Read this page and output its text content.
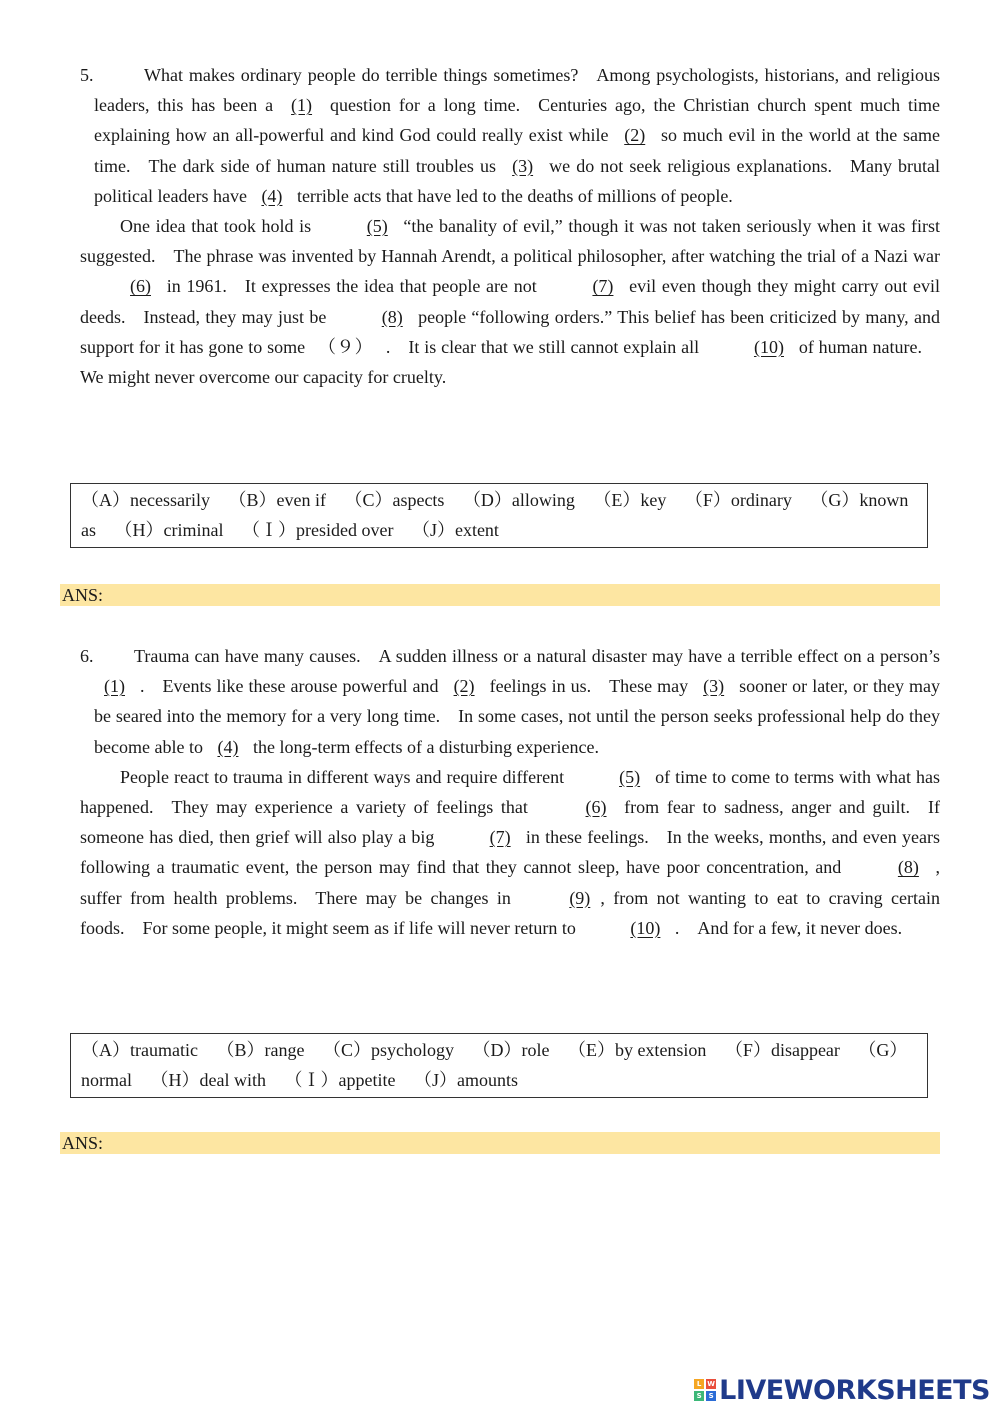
5.	What makes ordinary people do terrible things sometimes? Among psychologists, historians, and religious leaders, this has been a (1) question for a long time. Centuries ago, the Christian church spent much time explaining how an all-powerful and kind God could really exist while (2) so much evil in the world at the same time. The dark side of human nature still troubles us (3) we do not seek religious explanations. Many brutal political leaders have (4) terrible acts that have led to the deaths of millions of people.

One idea that took hold is	(5) “the banality of evil,” though it was not taken seriously when it was first suggested. The phrase was invented by Hannah Arendt, a political philosopher, after watching the trial of a Nazi war (6) in 1961. It expresses the idea that people are not	(7) evil even though they might carry out evil deeds. Instead, they may just be	(8) people “following orders.” This belief has been criticized by many, and support for it has gone to some （９） . It is clear that we still cannot explain all	(10) of human nature. We might never overcome our capacity for cruelty.

（A）necessarily （B）even if （C）aspects （D）allowing （E）key （F）ordinary （G）known as （H）criminal （Ｉ）presided over （J）extent
ANS:

6. Trauma can have many causes. A sudden illness or a natural disaster may have a terrible effect on a person’s (1) . Events like these arouse powerful and (2) feelings in us. These may (3) sooner or later, or they may be seared into the memory for a very long time. In some cases, not until the person seeks professional help do they become able to (4) the long-term effects of a disturbing experience.

People react to trauma in different ways and require different	(5) of time to come to terms with what has happened. They may experience a variety of feelings that	(6) from fear to sadness, anger and guilt. If someone has died, then grief will also play a big	(7) in these feelings. In the weeks, months, and even years following a traumatic event, the person may find that they cannot sleep, have poor concentration, and	(8) , suffer from health problems. There may be changes in	(9) , from not wanting to eat to craving certain foods. For some people, it might seem as if life will never return to	(10) . And for a few, it never does.

（A）traumatic （B）range （C）psychology （D）role （E）by extension （F）disappear （G）normal （H）deal with （Ｉ）appetite （J）amounts
ANS:
L W
S S LIVEWORKSHEETS
